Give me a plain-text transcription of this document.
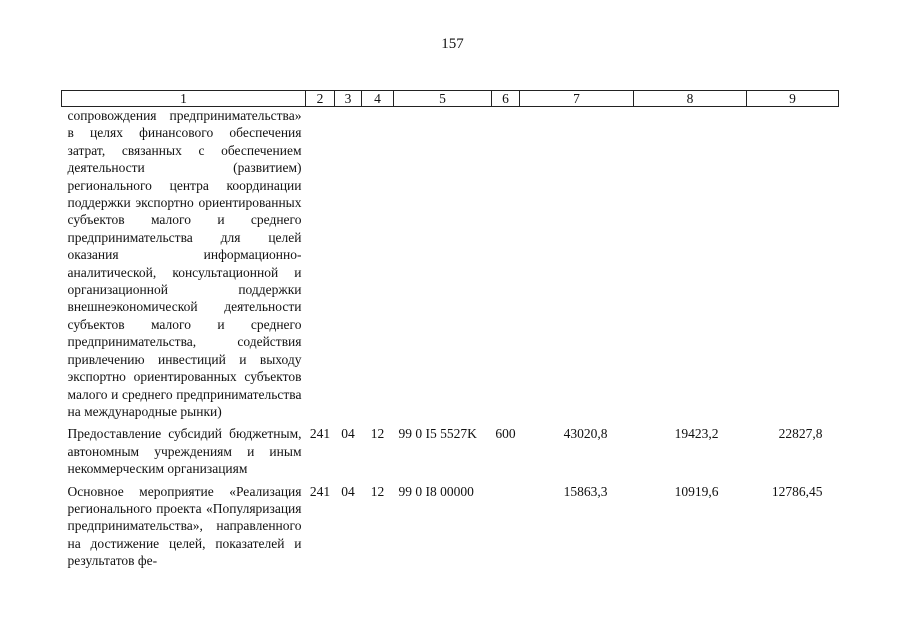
157
1	2	3	4	5	6	7	8	9
сопровождения предпринимательства» в целях финансового обеспечения затрат, связанных с обеспечением деятельности (развитием) регионального центра координации поддержки экспортно ориентированных субъектов малого и среднего предпринимательства для целей оказания информационно-аналитической, консультационной и организационной поддержки внешнеэкономической деятельности субъектов малого и среднего предпринимательства, содействия привлечению инвестиций и выходу экспортно ориентированных субъектов малого и среднего предпринимательства на международные рынки)								
Предоставление субсидий бюджетным, автономным учреждениям и иным некоммерческим организациям	241	04	12	99 0 I5 5527K	600	43020,8	19423,2	22827,8
Основное мероприятие «Реализация регионального проекта «Популяризация предпринимательства», направленного на достижение целей, показателей и результатов фе-	241	04	12	99 0 I8 00000		15863,3	10919,6	12786,45
